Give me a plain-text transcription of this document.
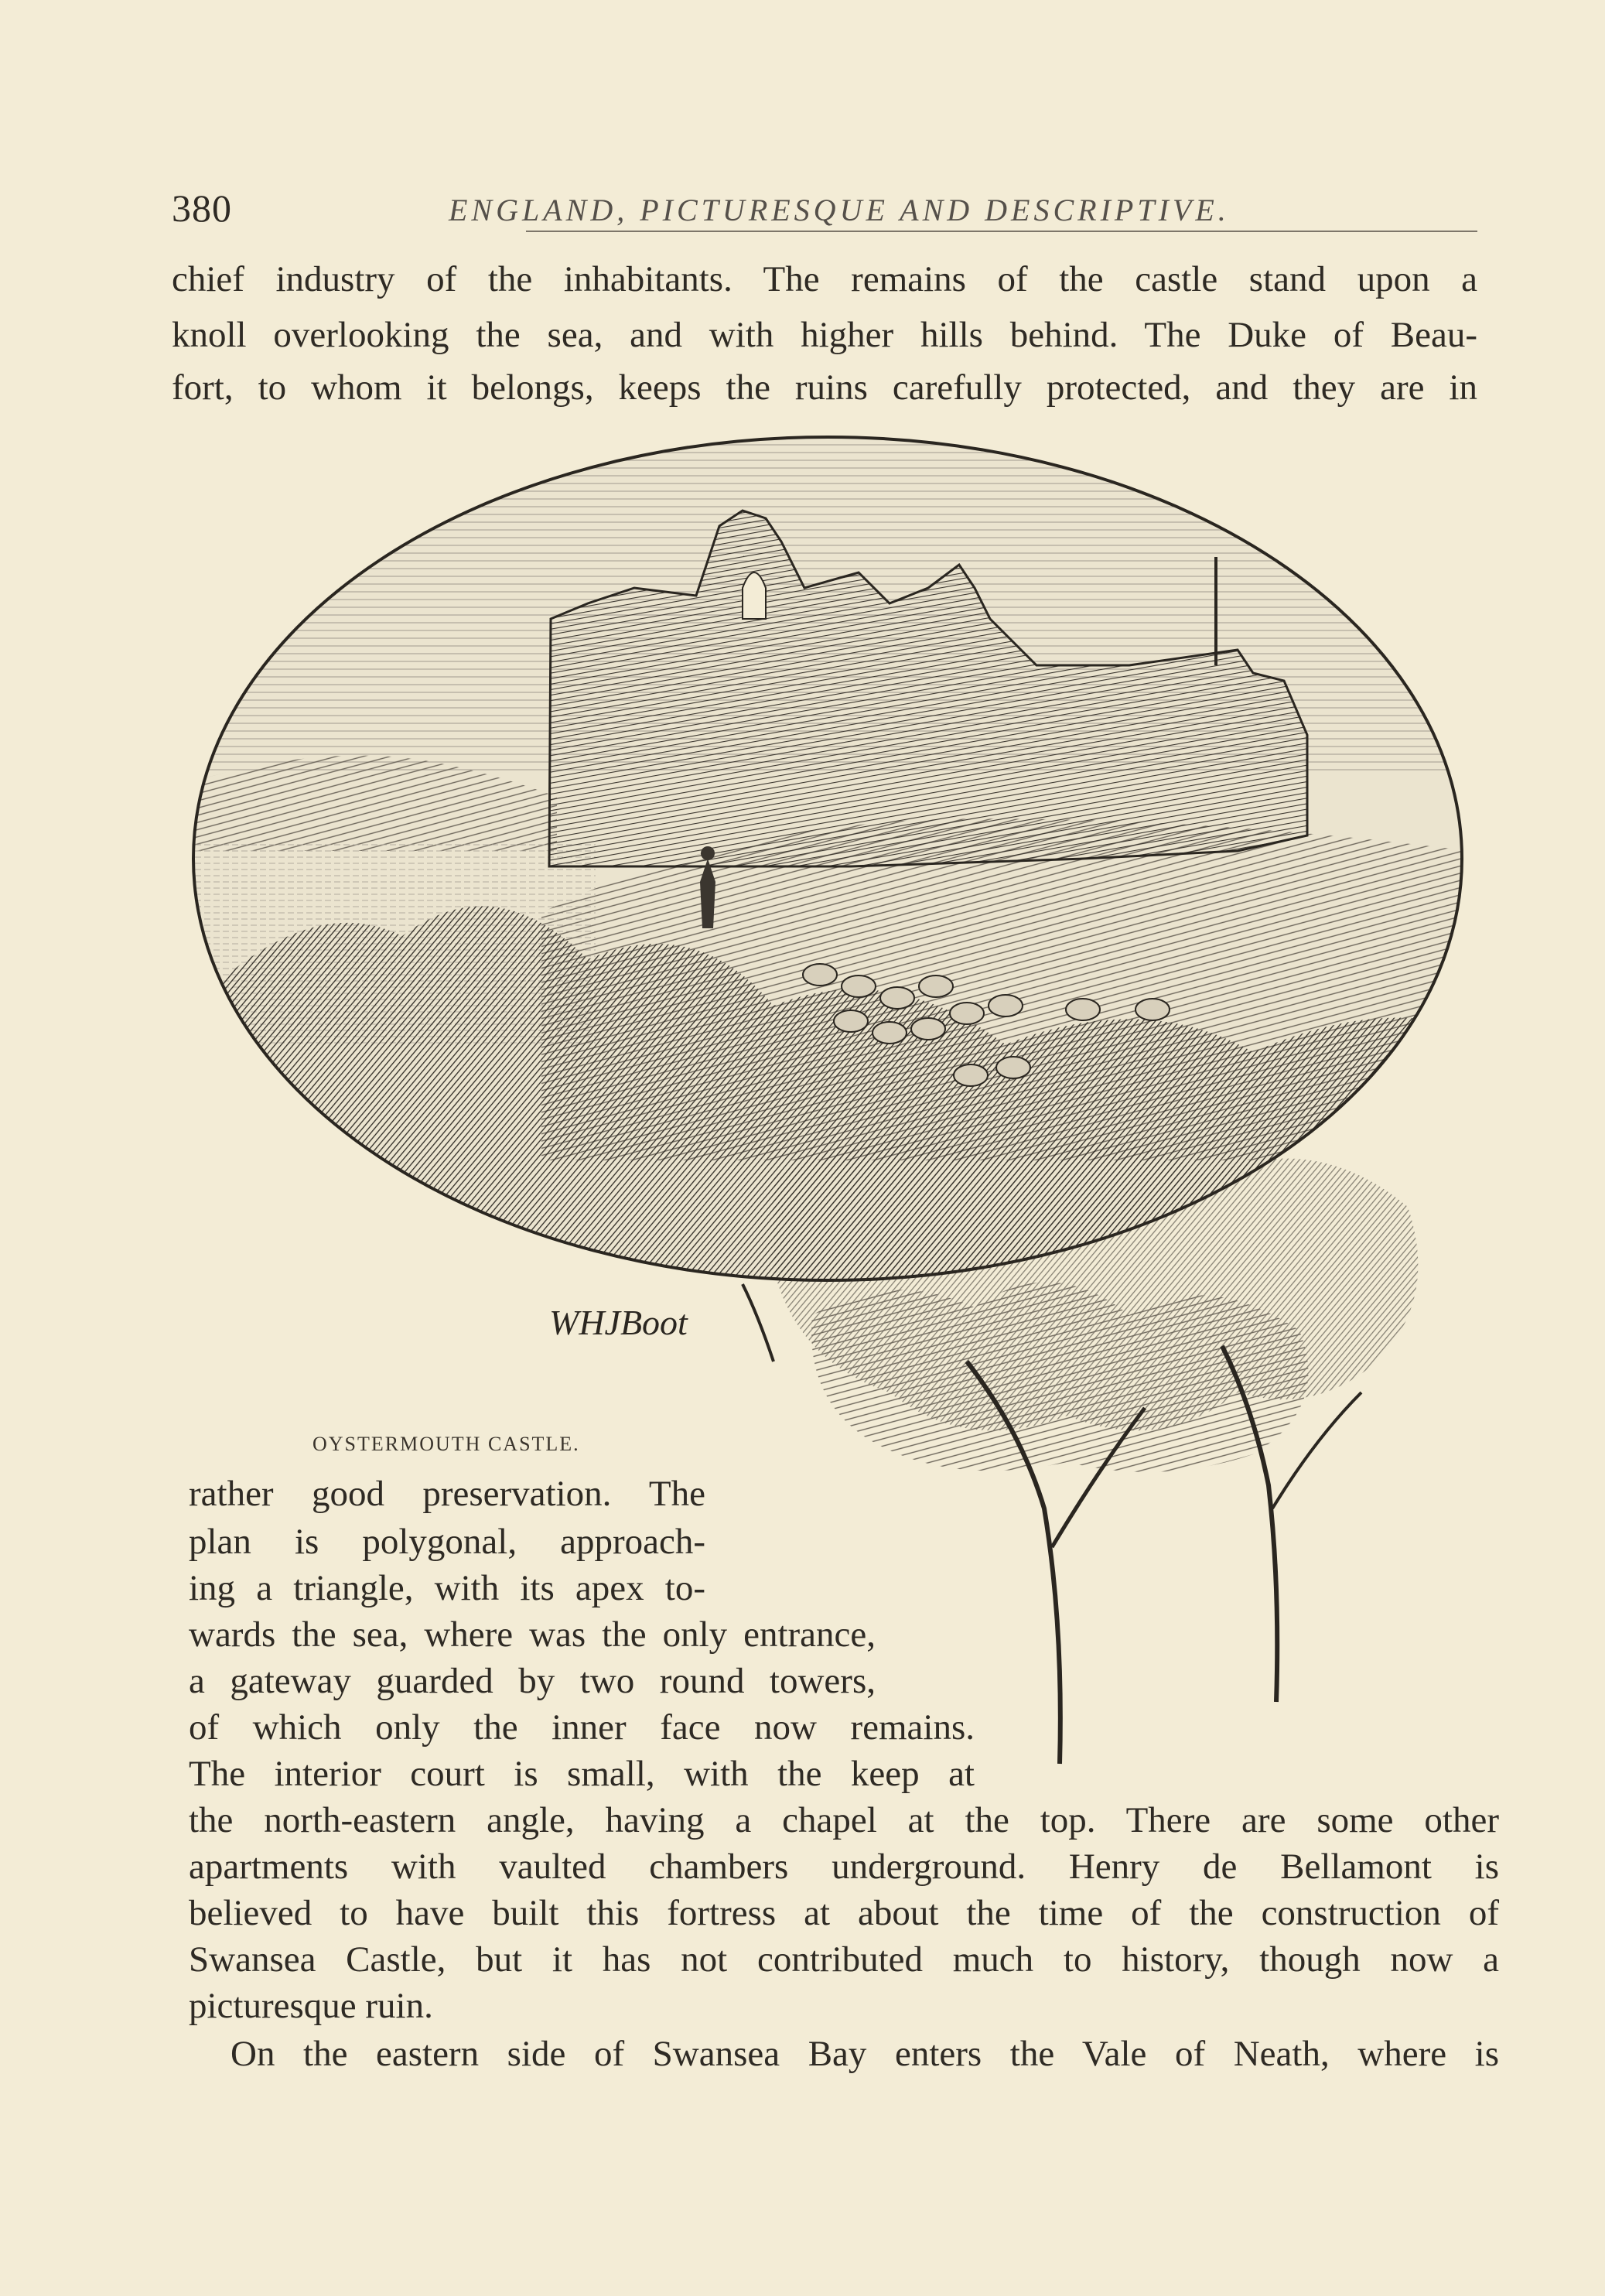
380	ENGLAND, PICTURESQUE AND DESCRIPTIVE.
chief industry of the inhabitants. The remains of the castle stand upon a
knoll overlooking the sea, and with higher hills behind. The Duke of Beau-
fort, to whom it belongs, keeps the ruins carefully protected, and they are in
WHJBoot
OYSTERMOUTH CASTLE.
rather good preservation. The
plan is polygonal, approach-
ing a triangle, with its apex to-
wards the sea, where was the only entrance,
a gateway guarded by two round towers,
of which only the inner face now remains.
The interior court is small, with the keep at
the north-eastern angle, having a chapel at the top. There are some other
apartments with vaulted chambers underground. Henry de Bellamont is
believed to have built this fortress at about the time of the construction of
Swansea Castle, but it has not contributed much to history, though now a
picturesque ruin.
On the eastern side of Swansea Bay enters the Vale of Neath, where is
